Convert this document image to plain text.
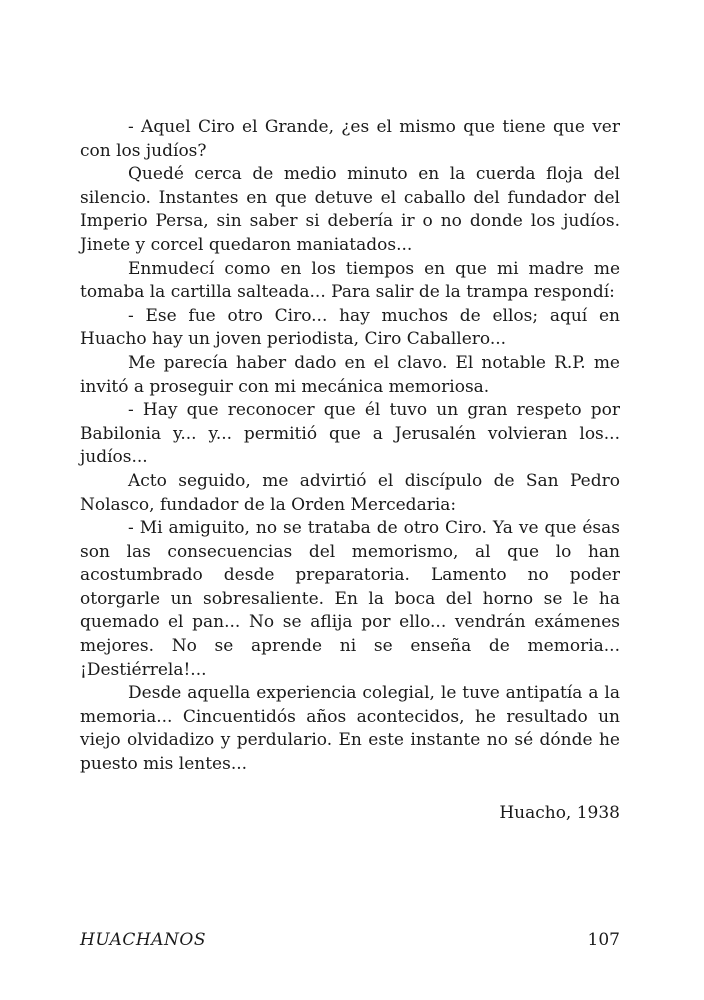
- Aquel Ciro el Grande, ¿es el mismo que tiene que ver con los judíos?

Quedé cerca de medio minuto en la cuerda floja del silencio. Instantes en que detuve el caballo del fundador del Imperio Persa, sin saber si debería ir o no donde los judíos. Jinete y corcel quedaron maniatados...

Enmudecí como en los tiempos en que mi madre me tomaba la cartilla salteada... Para salir de la trampa respondí:

- Ese fue otro Ciro... hay muchos de ellos; aquí en Huacho hay un joven periodista, Ciro Caballero...

Me parecía haber dado en el clavo. El notable R.P. me invitó a proseguir con mi mecánica memoriosa.

- Hay que reconocer que él tuvo un gran respeto por Babilonia y... y... permitió que a Jerusalén volvieran los... judíos...

Acto seguido, me advirtió el discípulo de San Pedro Nolasco, fundador de la Orden Mercedaria:

- Mi amiguito, no se trataba de otro Ciro. Ya ve que ésas son las consecuencias del memorismo, al que lo han acostumbrado desde preparatoria. Lamento no poder otorgarle un sobresaliente. En la boca del horno se le ha quemado el pan... No se aflija por ello... vendrán exámenes mejores. No se aprende ni se enseña de memoria... ¡Destiérrela!...

Desde aquella experiencia colegial, le tuve antipatía a la memoria... Cincuentidós años acontecidos, he resultado un viejo olvidadizo y perdulario. En este instante no sé dónde he puesto mis lentes...

Huacho, 1938

HUACHANOS	107
